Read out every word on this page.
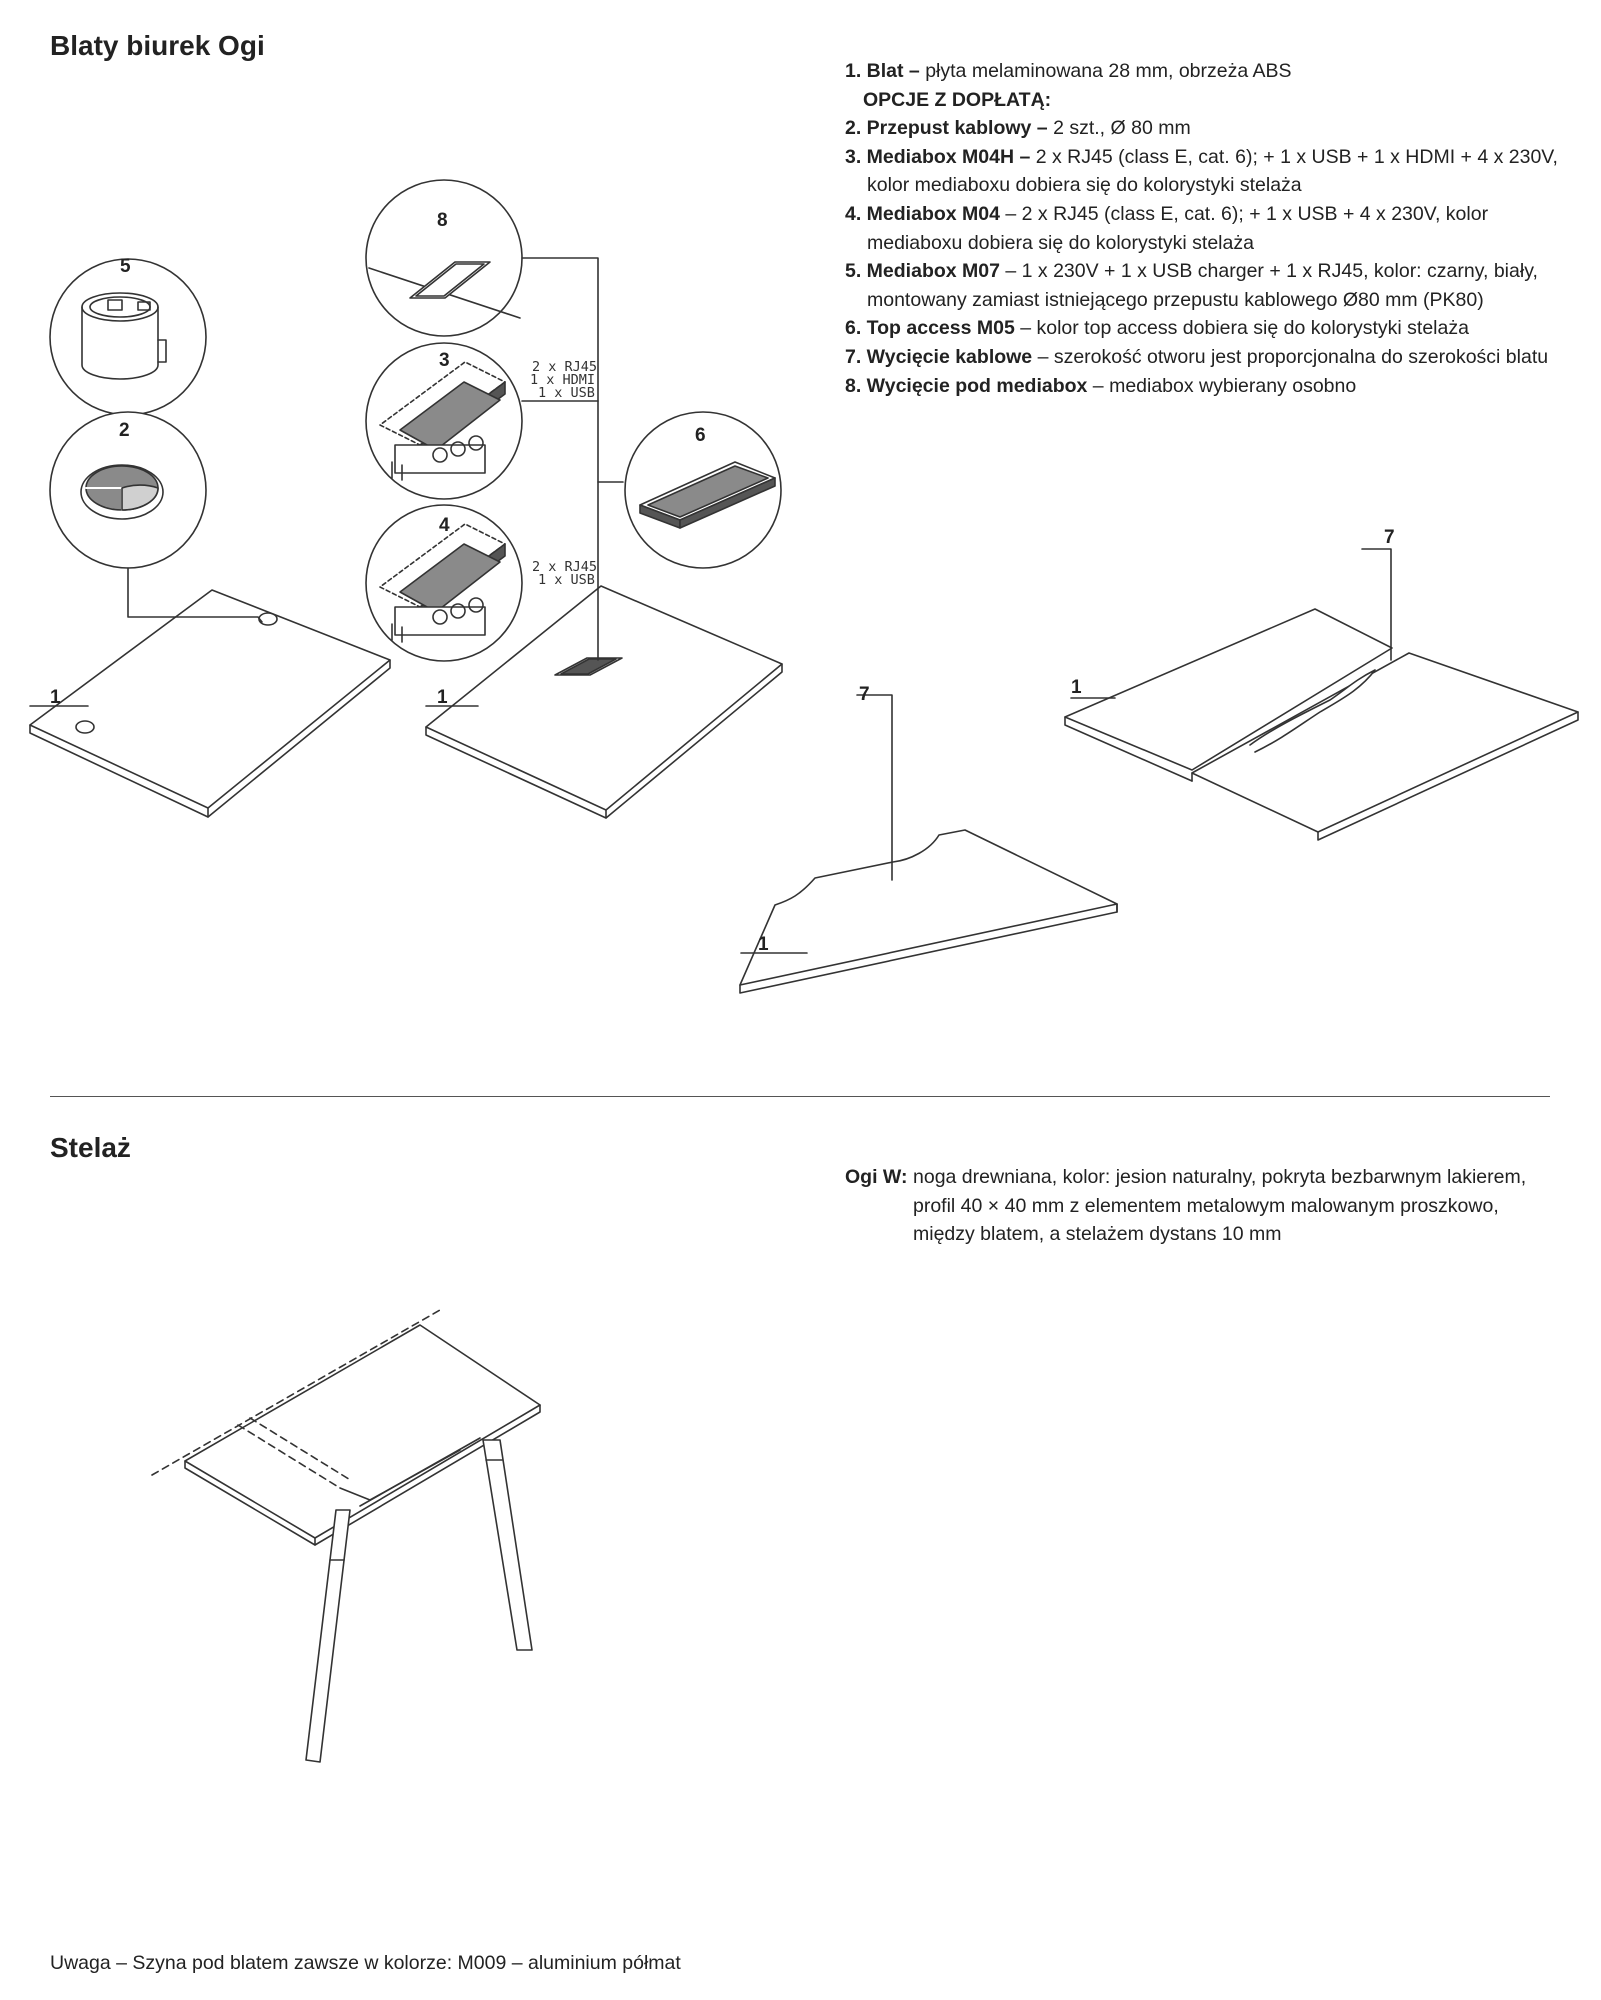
Blaty biurek Ogi
1. Blat – płyta melaminowana 28 mm, obrzeża ABS
OPCJE Z DOPŁATĄ:
2. Przepust kablowy – 2 szt., Ø 80 mm
3. Mediabox M04H – 2 x RJ45 (class E, cat. 6); + 1 x USB + 1 x HDMI + 4 x 230V, kolor mediaboxu dobiera się do kolorystyki stelaża
4. Mediabox M04 – 2 x RJ45 (class E, cat. 6); + 1 x USB + 4 x 230V, kolor mediaboxu dobiera się do kolorystyki stelaża
5. Mediabox M07 – 1 x 230V + 1 x USB charger + 1 x RJ45, kolor: czarny, biały, montowany zamiast istniejącego przepustu kablowego Ø80 mm (PK80)
6. Top access M05 – kolor top access dobiera się do kolorystyki stelaża
7. Wycięcie kablowe – szerokość otworu jest proporcjonalna do szerokości blatu
8. Wycięcie pod mediabox – mediabox wybierany osobno
1
5
2
8
3
4
6
1
7
1
7
1
2 x RJ45
1 x HDMI
1 x USB
2 x RJ45
1 x USB
Stelaż
Ogi W: noga drewniana, kolor: jesion naturalny, pokryta bezbarwnym lakierem, profil 40 × 40 mm z elementem metalowym malowanym proszkowo, między blatem, a stelażem dystans 10 mm
Uwaga – Szyna pod blatem zawsze w kolorze: M009 – aluminium półmat
